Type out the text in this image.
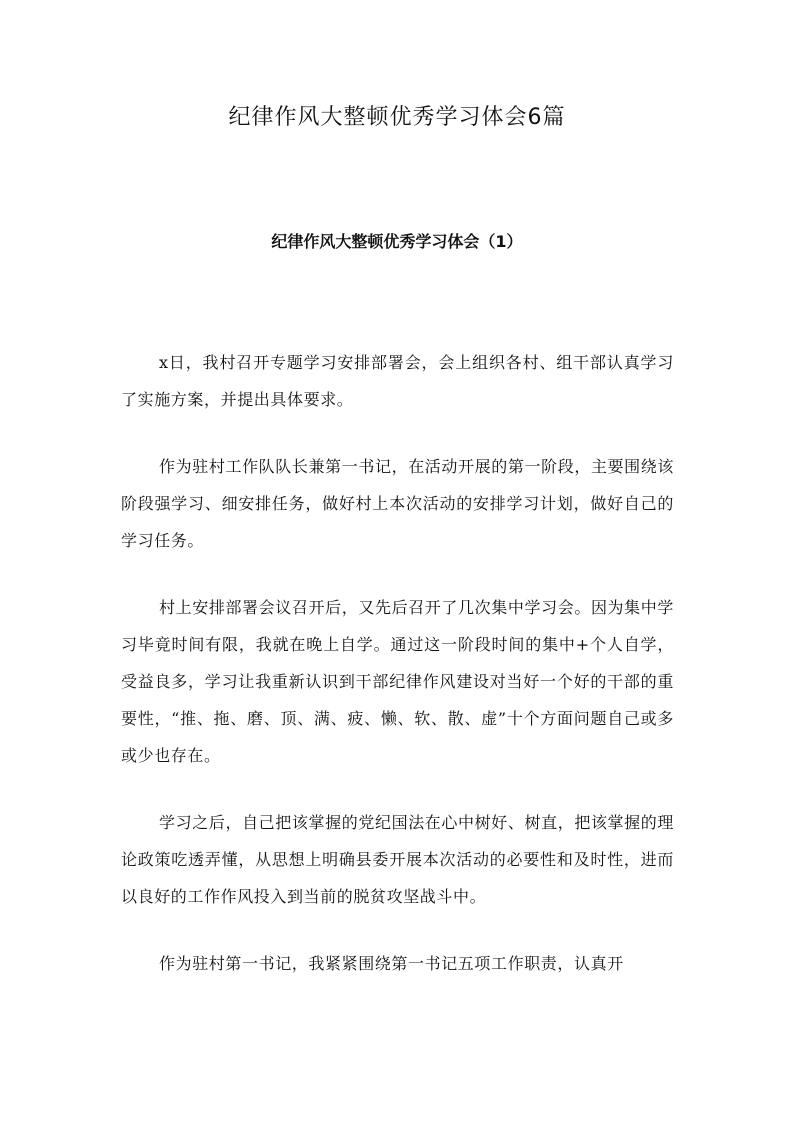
纪律作风大整顿优秀学习体会6篇
纪律作风大整顿优秀学习体会（1）

x日，我村召开专题学习安排部署会，会上组织各村、组干部认真学习了实施方案，并提出具体要求。

作为驻村工作队队长兼第一书记，在活动开展的第一阶段，主要围绕该阶段强学习、细安排任务，做好村上本次活动的安排学习计划，做好自己的学习任务。

村上安排部署会议召开后，又先后召开了几次集中学习会。因为集中学习毕竟时间有限，我就在晚上自学。通过这一阶段时间的集中+个人自学，受益良多，学习让我重新认识到干部纪律作风建设对当好一个好的干部的重要性，“推、拖、磨、顶、满、疲、懒、软、散、虚”十个方面问题自己或多或少也存在。

学习之后，自己把该掌握的党纪国法在心中树好、树直，把该掌握的理论政策吃透弄懂，从思想上明确县委开展本次活动的必要性和及时性，进而以良好的工作作风投入到当前的脱贫攻坚战斗中。

作为驻村第一书记，我紧紧围绕第一书记五项工作职责，认真开
